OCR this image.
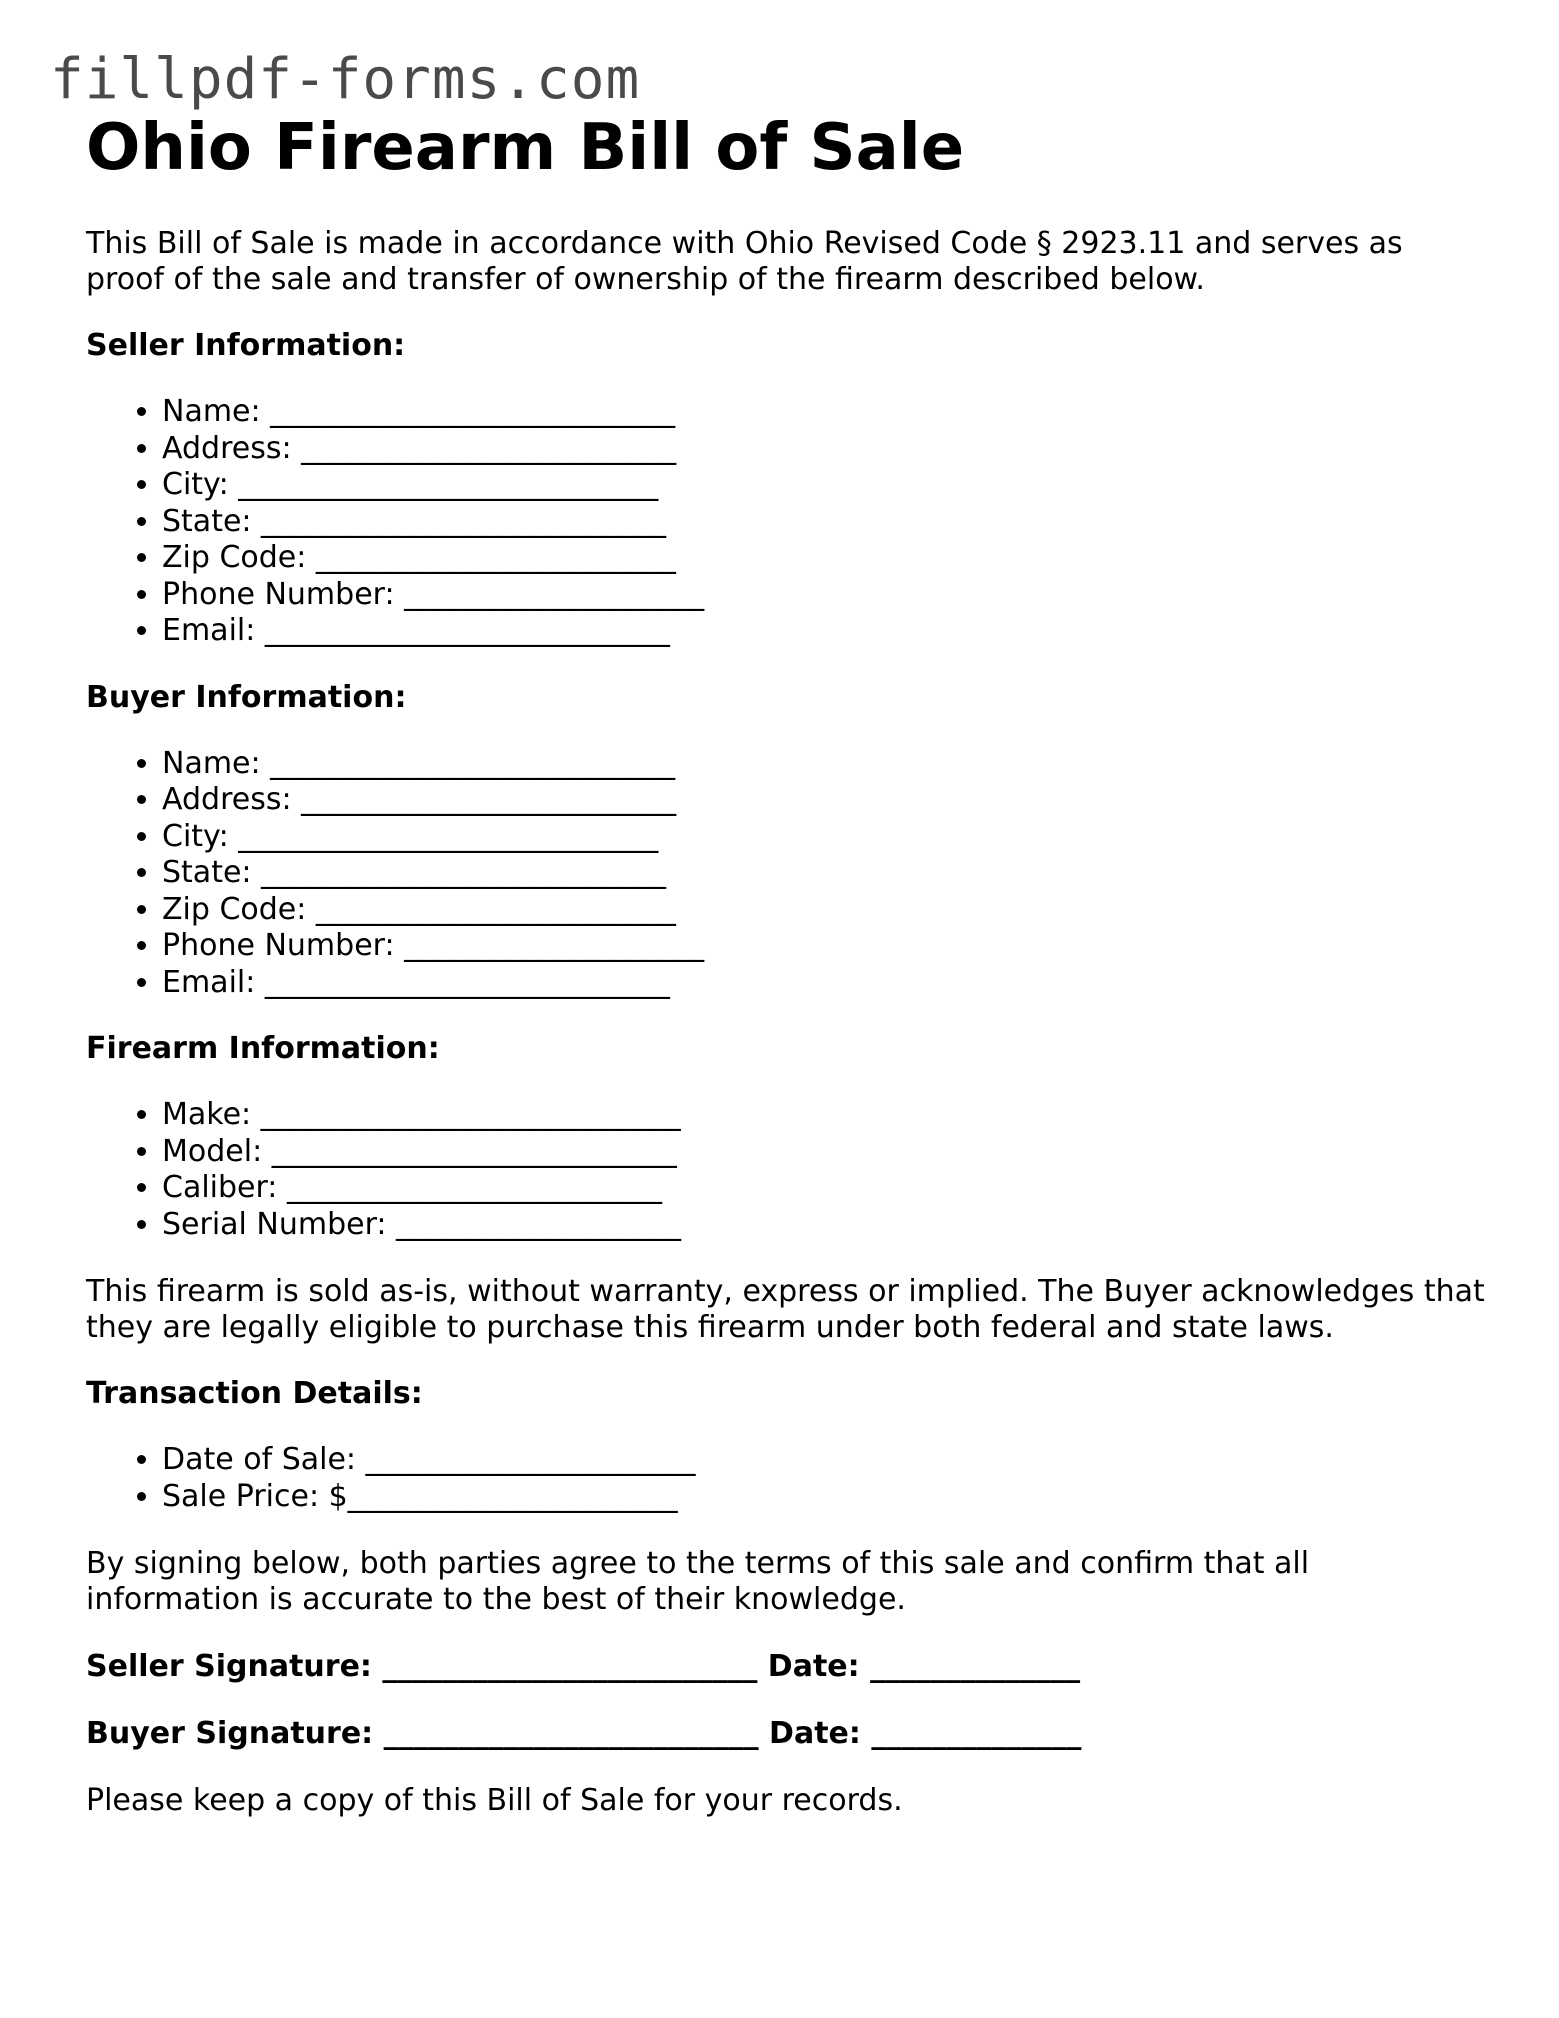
fillpdf-forms.com
Ohio Firearm Bill of Sale

This Bill of Sale is made in accordance with Ohio Revised Code § 2923.11 and serves as proof of the sale and transfer of ownership of the firearm described below.

Seller Information:

• Name: ___________________________
• Address: _________________________
• City: ____________________________
• State: ___________________________
• Zip Code: ________________________
• Phone Number: ____________________
• Email: ___________________________

Buyer Information:

• Name: ___________________________
• Address: _________________________
• City: ____________________________
• State: ___________________________
• Zip Code: ________________________
• Phone Number: ____________________
• Email: ___________________________

Firearm Information:

• Make: ____________________________
• Model: ___________________________
• Caliber: _________________________
• Serial Number: ___________________

This firearm is sold as-is, without warranty, express or implied. The Buyer acknowledges that they are legally eligible to purchase this firearm under both federal and state laws.

Transaction Details:

• Date of Sale: ______________________
• Sale Price: $______________________

By signing below, both parties agree to the terms of this sale and confirm that all information is accurate to the best of their knowledge.

Seller Signature: _________________________ Date: ______________

Buyer Signature: _________________________ Date: ______________

Please keep a copy of this Bill of Sale for your records.
